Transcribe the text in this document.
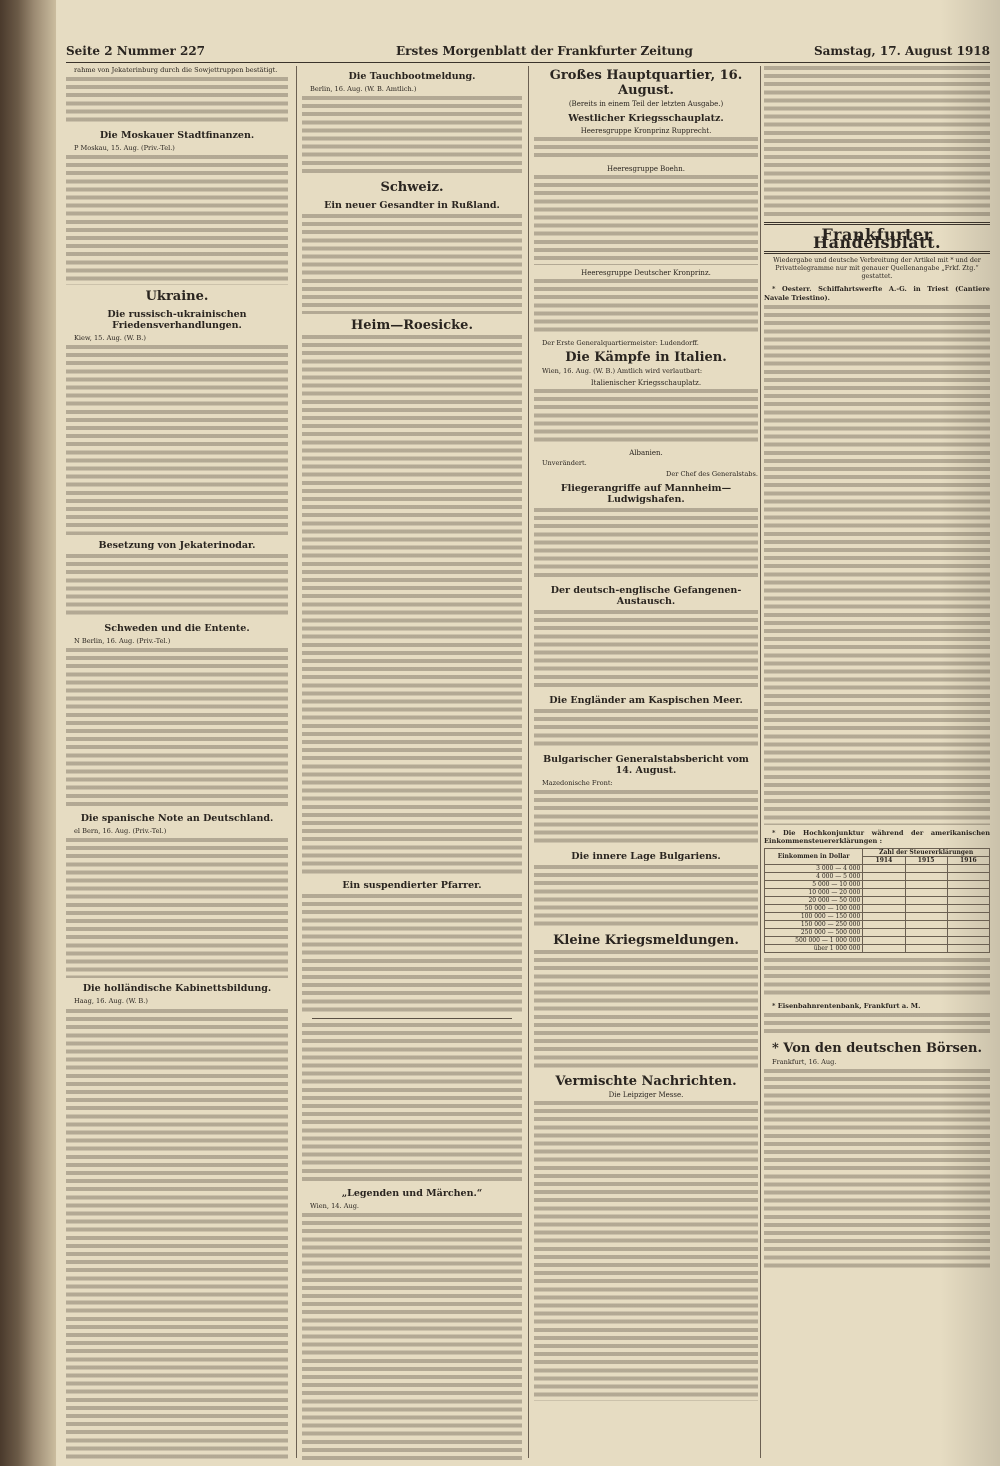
Seite 2 Nummer 227	Erstes Morgenblatt der Frankfurter Zeitung	Samstag, 17. August 1918

rahme von Jekaterinburg durch die Sowjettruppen bestätigt.

Die Moskauer Stadtfinanzen.

P Moskau, 15. Aug. (Priv.-Tel.)

Ukraine.
Die russisch-ukrainischen Friedensverhandlungen.

Kiew, 15. Aug. (W. B.)

Besetzung von Jekaterinodar.
Schweden und die Entente.

N Berlin, 16. Aug. (Priv.-Tel.)

Die spanische Note an Deutschland.

el Bern, 16. Aug. (Priv.-Tel.)

Die holländische Kabinettsbildung.

Haag, 16. Aug. (W. B.)

Die Tauchbootmeldung.

Berlin, 16. Aug. (W. B. Amtlich.)

Schweiz.
Ein neuer Gesandter in Rußland.
Heim—Roesicke.
Ein suspendierter Pfarrer.
„Legenden und Märchen.“

Wien, 14. Aug.

Großes Hauptquartier, 16. August.
(Bereits in einem Teil der letzten Ausgabe.)
Westlicher Kriegsschauplatz.
Heeresgruppe Kronprinz Rupprecht.
Heeresgruppe Boehn.
Heeresgruppe Deutscher Kronprinz.

Der Erste Generalquartiermeister: Ludendorff.

Die Kämpfe in Italien.

Wien, 16. Aug. (W. B.) Amtlich wird verlautbart:

Italienischer Kriegsschauplatz.
Albanien.

Unverändert.

Der Chef des Generalstabs.

Fliegerangriffe auf Mannheim—Ludwigshafen.
Der deutsch-englische Gefangenen-Austausch.
Die Engländer am Kaspischen Meer.
Bulgarischer Generalstabsbericht vom 14. August.

Mazedonische Front:

Die innere Lage Bulgariens.
Kleine Kriegsmeldungen.
Vermischte Nachrichten.
Die Leipziger Messe.
Frankfurter Handelsblatt.
Wiedergabe und deutsche Verbreitung der Artikel mit * und der Privattelegramme nur mit genauer Quellenangabe „Frkf. Ztg.“ gestattet.

* Oesterr. Schiffahrtswerfte A.-G. in Triest (Cantiere Navale Triestino).

* Die Hochkonjunktur während der amerikanischen Einkommensteuererklärungen :

Einkommen in Dollar	Zahl der Steuererklärungen		
	1914	1915	1916
3 000 — 4 000			
4 000 — 5 000			
5 000 — 10 000			
10 000 — 20 000			
20 000 — 50 000			
50 000 — 100 000			
100 000 — 150 000			
150 000 — 250 000			
250 000 — 500 000			
500 000 — 1 000 000			
über 1 000 000			

* Eisenbahnrentenbank, Frankfurt a. M.

* Von den deutschen Börsen.

Frankfurt, 16. Aug.
